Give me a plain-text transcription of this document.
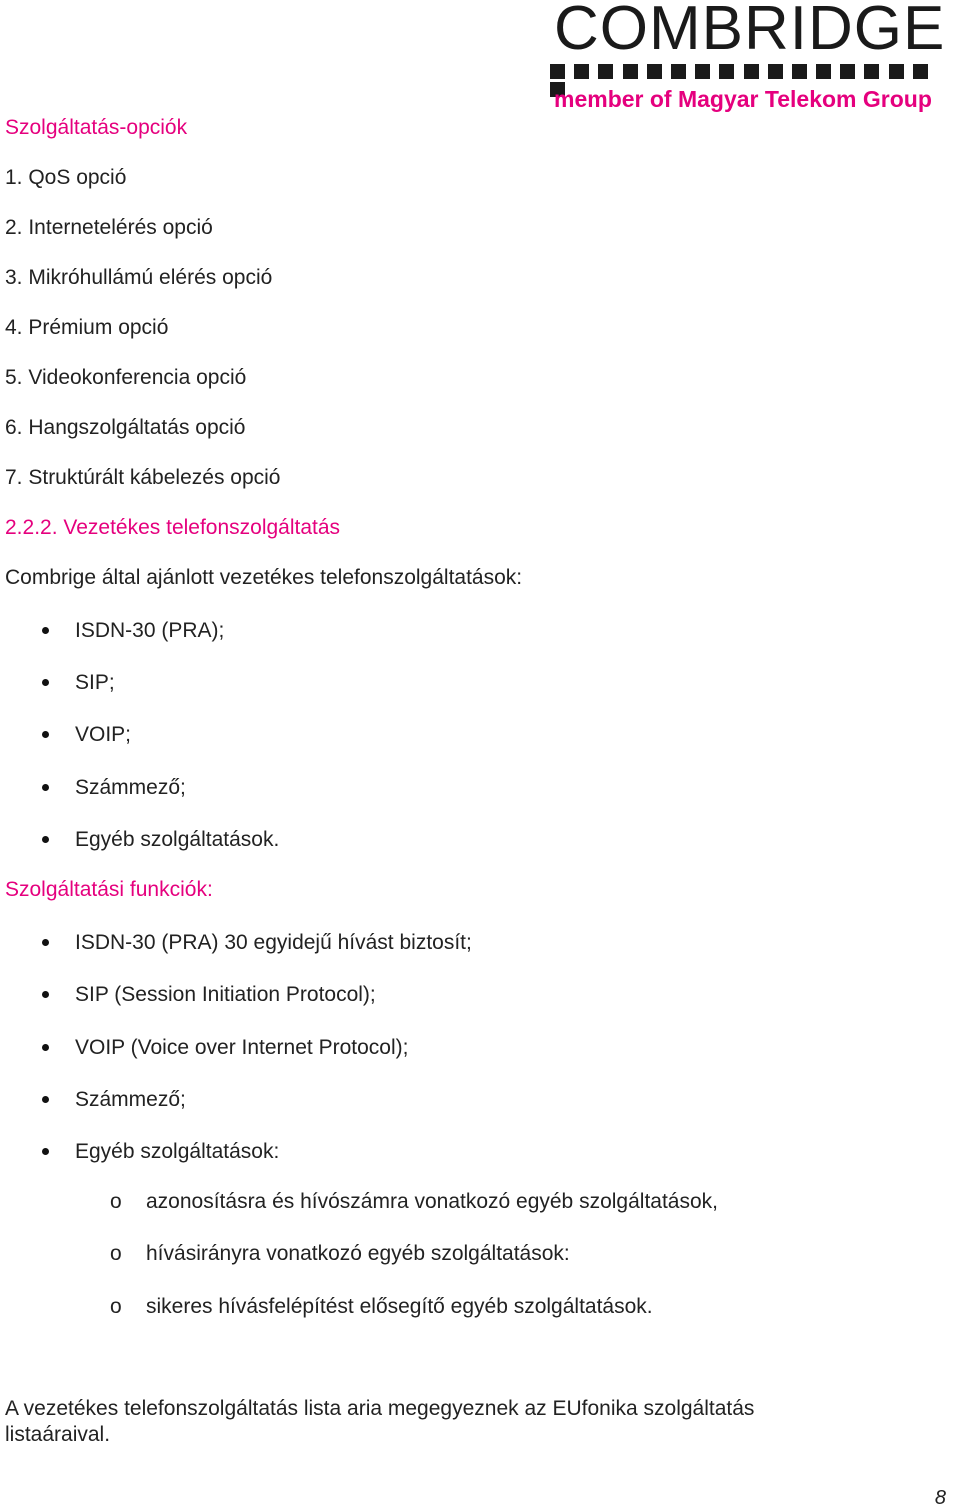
COMBRIDGE
member of Magyar Telekom Group
Szolgáltatás-opciók
1. QoS opció
2. Internetelérés opció
3. Mikróhullámú elérés opció
4. Prémium opció
5. Videokonferencia opció
6. Hangszolgáltatás opció
7. Struktúrált kábelezés opció
2.2.2. Vezetékes telefonszolgáltatás
Combrige által ajánlott vezetékes telefonszolgáltatások:
ISDN-30 (PRA);
SIP;
VOIP;
Számmező;
Egyéb szolgáltatások.
Szolgáltatási funkciók:
ISDN-30 (PRA) 30 egyidejű hívást biztosít;
SIP (Session Initiation Protocol);
VOIP (Voice over Internet Protocol);
Számmező;
Egyéb szolgáltatások:
o azonosításra és hívószámra vonatkozó egyéb szolgáltatások,
o hívásirányra vonatkozó egyéb szolgáltatások:
o sikeres hívásfelépítést elősegítő egyéb szolgáltatások.
A vezetékes telefonszolgáltatás lista aria megegyeznek az EUfonika szolgáltatás
listaáraival.
8
